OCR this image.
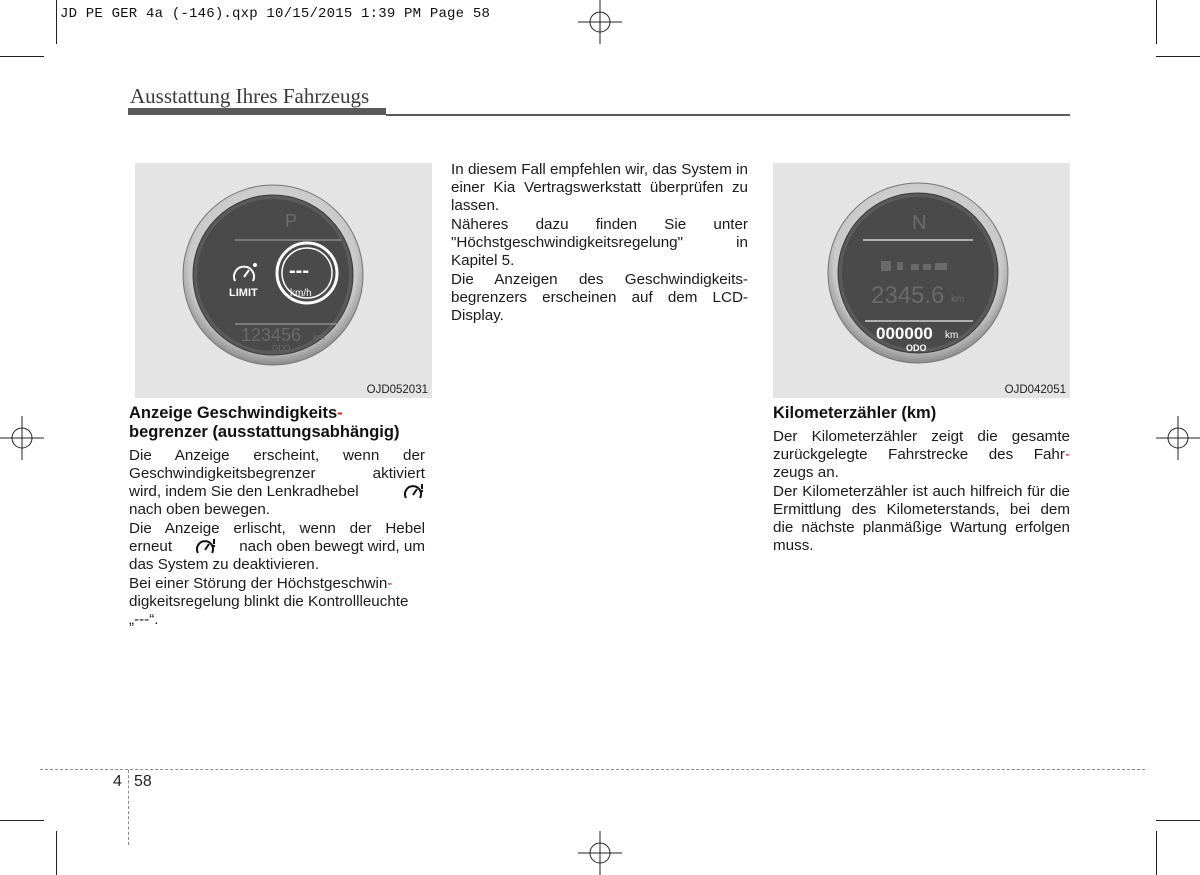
JD PE GER 4a (-146).qxp 10/15/2015 1:39 PM Page 58
Ausstattung Ihres Fahrzeugs
P
LIMIT
---
km/h
123456 km
ODO
OJD052031
N
2345.6 km
000000 km
ODO
OJD042051
Anzeige Geschwindigkeits-
begrenzer (ausstattungsabhängig)
Die Anzeige erscheint, wenn der
Geschwindigkeitsbegrenzer aktiviert
wird, indem Sie den Lenkradhebel
nach oben bewegen.
Die Anzeige erlischt, wenn der Hebel
erneut	nach oben bewegt wird, um
das System zu deaktivieren.
Bei einer Störung der Höchstgeschwin-
digkeitsregelung blinkt die Kontrollleuchte
„---“.
In diesem Fall empfehlen wir, das System in einer Kia Vertragswerkstatt überprüfen zu lassen.
Näheres dazu finden Sie unter "Höchstgeschwindigkeitsregelung" in Kapitel 5.
Die Anzeigen des Geschwindigkeits-begrenzers erscheinen auf dem LCD-Display.
Kilometerzähler (km)
Der Kilometerzähler zeigt die gesamte
zurückgelegte Fahrstrecke des Fahr-
zeugs an.
Der Kilometerzähler ist auch hilfreich für die Ermittlung des Kilometerstands, bei dem die nächste planmäßige Wartung erfolgen muss.
4 58
